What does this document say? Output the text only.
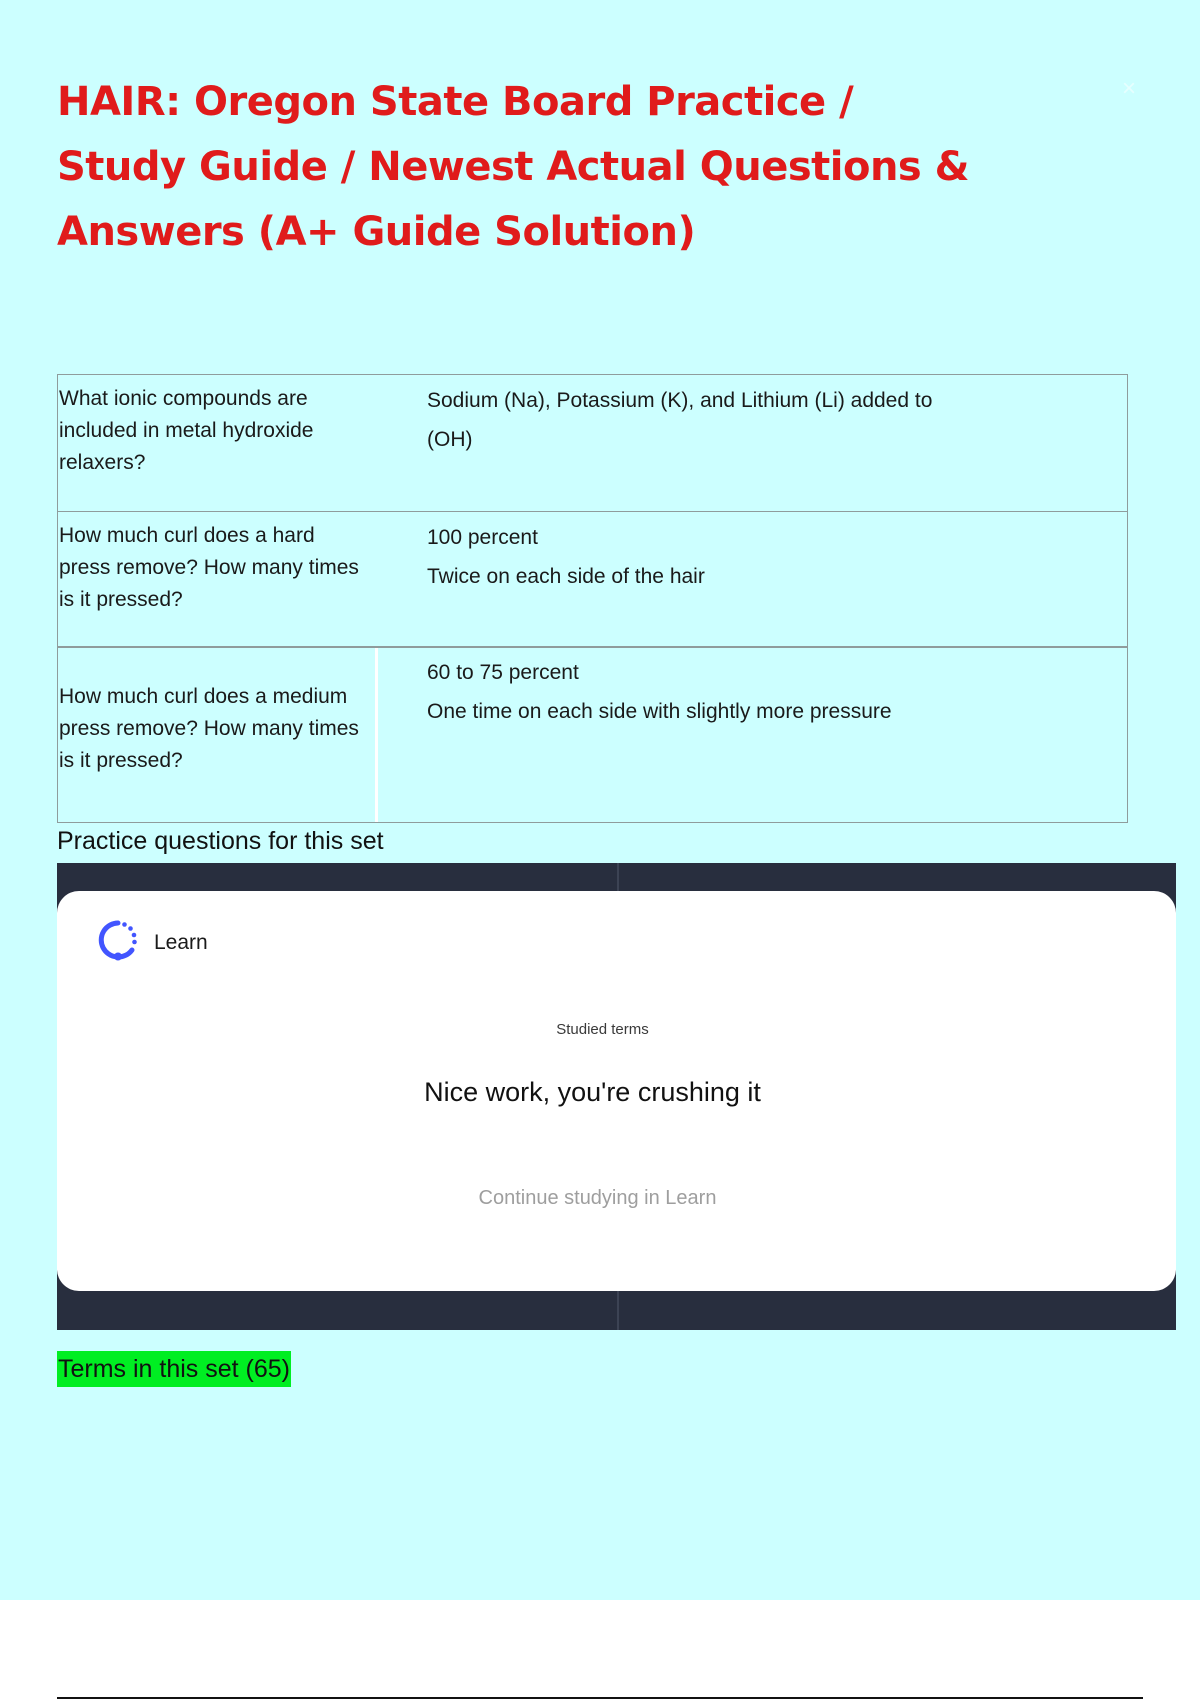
×
HAIR: Oregon State Board Practice / Study Guide / Newest Actual Questions & Answers (A+ Guide Solution)
What ionic compounds are included in metal hydroxide relaxers?
Sodium (Na), Potassium (K), and Lithium (Li) added to
(OH)
How much curl does a hard press remove? How many times is it pressed?
100 percent
Twice on each side of the hair
How much curl does a medium press remove? How many times is it pressed?
60 to 75 percent
One time on each side with slightly more pressure
Practice questions for this set
Learn
Studied terms
Nice work, you're crushing it
Continue studying in Learn
Terms in this set (65)
